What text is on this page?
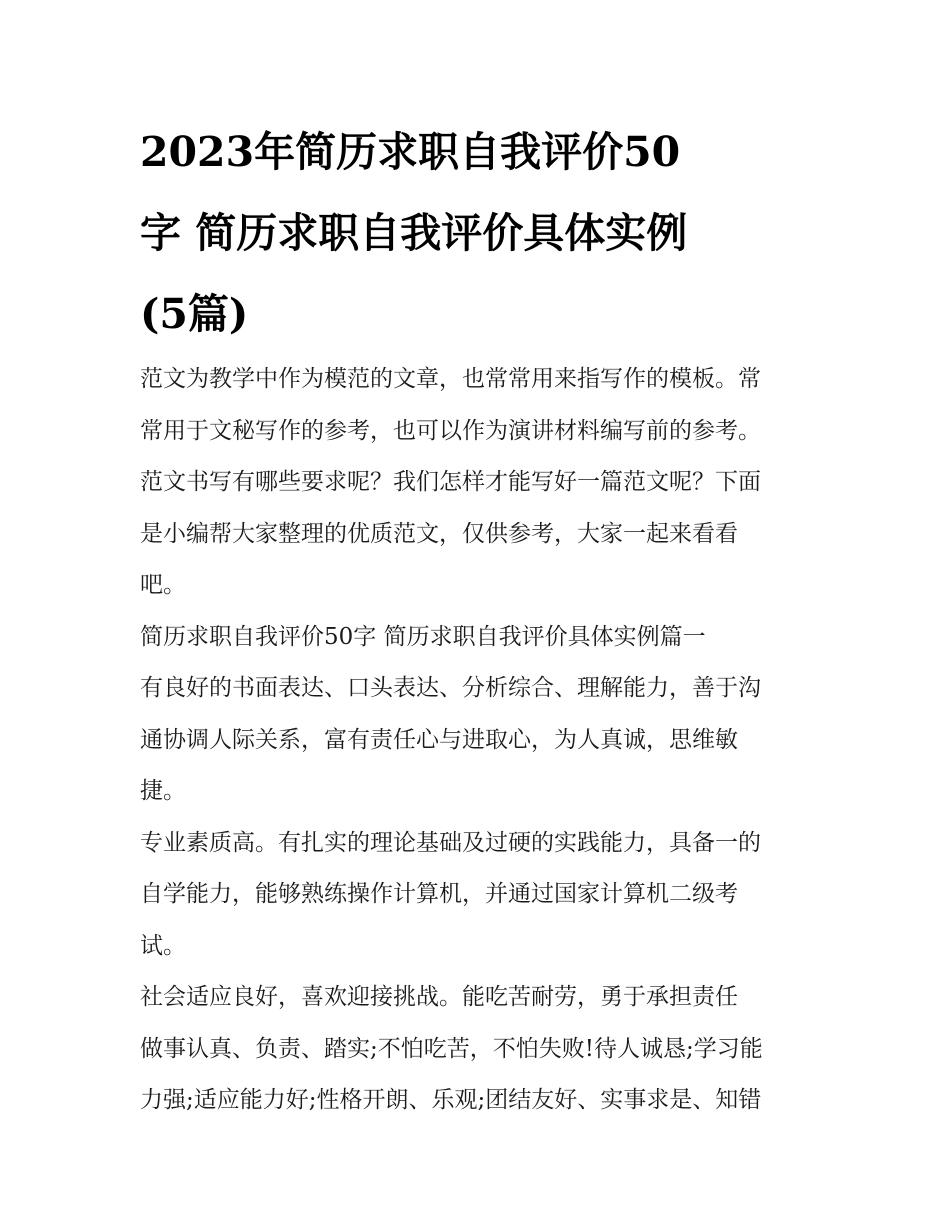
2023年简历求职自我评价50
字 简历求职自我评价具体实例
(5篇)
范文为教学中作为模范的文章，也常常用来指写作的模板。常
常用于文秘写作的参考，也可以作为演讲材料编写前的参考。
范文书写有哪些要求呢？我们怎样才能写好一篇范文呢？下面
是小编帮大家整理的优质范文，仅供参考，大家一起来看看
吧。
简历求职自我评价50字 简历求职自我评价具体实例篇一
有良好的书面表达、口头表达、分析综合、理解能力，善于沟
通协调人际关系，富有责任心与进取心，为人真诚，思维敏
捷。
专业素质高。有扎实的理论基础及过硬的实践能力，具备一的
自学能力，能够熟练操作计算机，并通过国家计算机二级考
试。
社会适应良好，喜欢迎接挑战。能吃苦耐劳，勇于承担责任
做事认真、负责、踏实;不怕吃苦，不怕失败!待人诚恳;学习能
力强;适应能力好;性格开朗、乐观;团结友好、实事求是、知错
